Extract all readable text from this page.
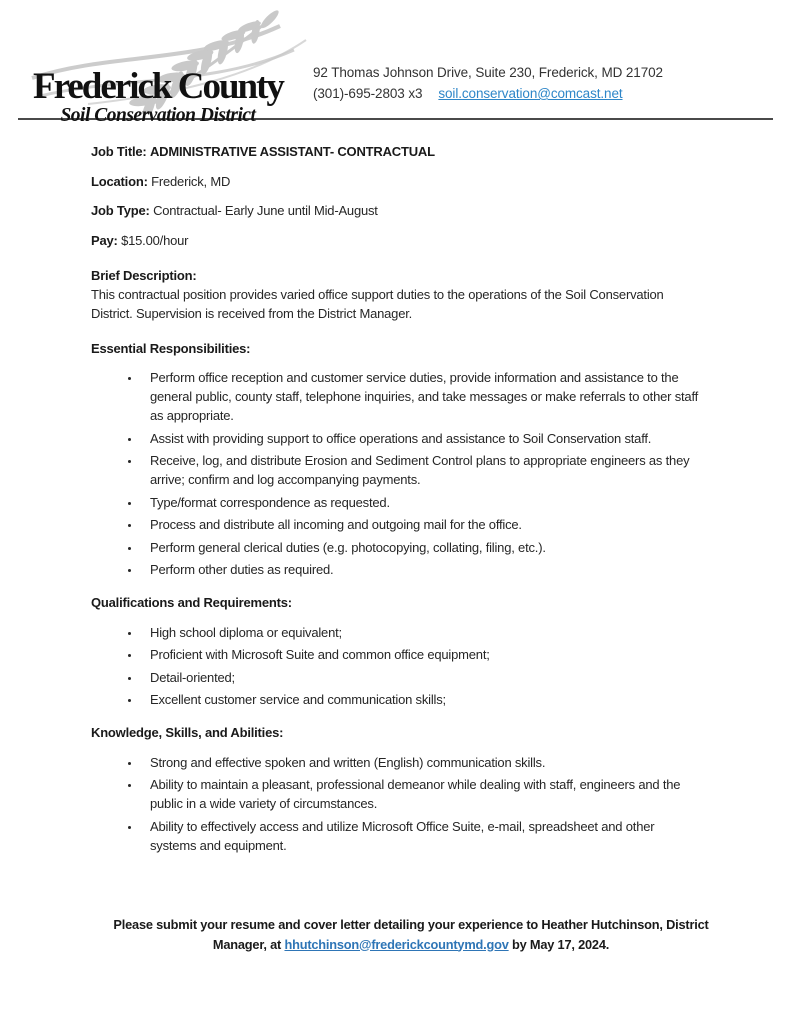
Frederick County
Soil Conservation District
92 Thomas Johnson Drive, Suite 230, Frederick, MD 21702
(301)-695-2803 x3 soil.conservation@comcast.net

Job Title: ADMINISTRATIVE ASSISTANT- CONTRACTUAL

Location: Frederick, MD

Job Type: Contractual- Early June until Mid-August

Pay: $15.00/hour

Brief Description:

This contractual position provides varied office support duties to the operations of the Soil Conservation District. Supervision is received from the District Manager.

Essential Responsibilities:
• Perform office reception and customer service duties, provide information and assistance to the general public, county staff, telephone inquiries, and take messages or make referrals to other staff as appropriate.
• Assist with providing support to office operations and assistance to Soil Conservation staff.
• Receive, log, and distribute Erosion and Sediment Control plans to appropriate engineers as they arrive; confirm and log accompanying payments.
• Type/format correspondence as requested.
• Process and distribute all incoming and outgoing mail for the office.
• Perform general clerical duties (e.g. photocopying, collating, filing, etc.).
• Perform other duties as required.
Qualifications and Requirements:
• High school diploma or equivalent;
• Proficient with Microsoft Suite and common office equipment;
• Detail-oriented;
• Excellent customer service and communication skills;
Knowledge, Skills, and Abilities:
• Strong and effective spoken and written (English) communication skills.
• Ability to maintain a pleasant, professional demeanor while dealing with staff, engineers and the public in a wide variety of circumstances.
• Ability to effectively access and utilize Microsoft Office Suite, e-mail, spreadsheet and other systems and equipment.

Please submit your resume and cover letter detailing your experience to Heather Hutchinson, District Manager, at hhutchinson@frederickcountymd.gov by May 17, 2024.
